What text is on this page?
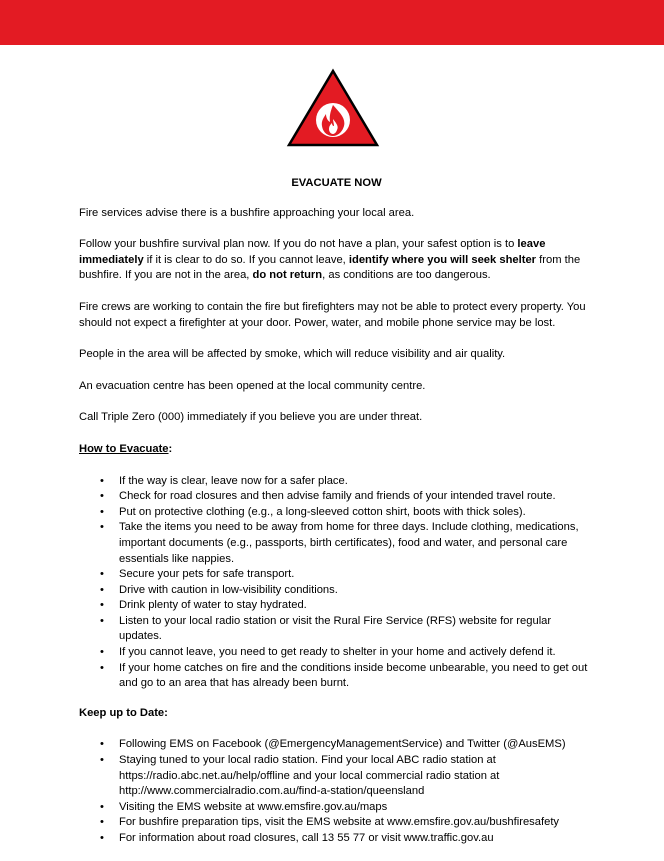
EVACUATE NOW

Fire services advise there is a bushfire approaching your local area.

Follow your bushfire survival plan now. If you do not have a plan, your safest option is to leave immediately if it is clear to do so. If you cannot leave, identify where you will seek shelter from the bushfire. If you are not in the area, do not return, as conditions are too dangerous.

Fire crews are working to contain the fire but firefighters may not be able to protect every property. You should not expect a firefighter at your door. Power, water, and mobile phone service may be lost.

People in the area will be affected by smoke, which will reduce visibility and air quality.

An evacuation centre has been opened at the local community centre.

Call Triple Zero (000) immediately if you believe you are under threat.

How to Evacuate:
• If the way is clear, leave now for a safer place.
• Check for road closures and then advise family and friends of your intended travel route.
• Put on protective clothing (e.g., a long-sleeved cotton shirt, boots with thick soles).
• Take the items you need to be away from home for three days. Include clothing, medications, important documents (e.g., passports, birth certificates), food and water, and personal care essentials like nappies.
• Secure your pets for safe transport.
• Drive with caution in low-visibility conditions.
• Drink plenty of water to stay hydrated.
• Listen to your local radio station or visit the Rural Fire Service (RFS) website for regular updates.
• If you cannot leave, you need to get ready to shelter in your home and actively defend it.
• If your home catches on fire and the conditions inside become unbearable, you need to get out and go to an area that has already been burnt.
Keep up to Date:
• Following EMS on Facebook (@EmergencyManagementService) and Twitter (@AusEMS)
• Staying tuned to your local radio station. Find your local ABC radio station at https://radio.abc.net.au/help/offline and your local commercial radio station at http://www.commercialradio.com.au/find-a-station/queensland
• Visiting the EMS website at www.emsfire.gov.au/maps
• For bushfire preparation tips, visit the EMS website at www.emsfire.gov.au/bushfiresafety
• For information about road closures, call 13 55 77 or visit www.traffic.gov.au
